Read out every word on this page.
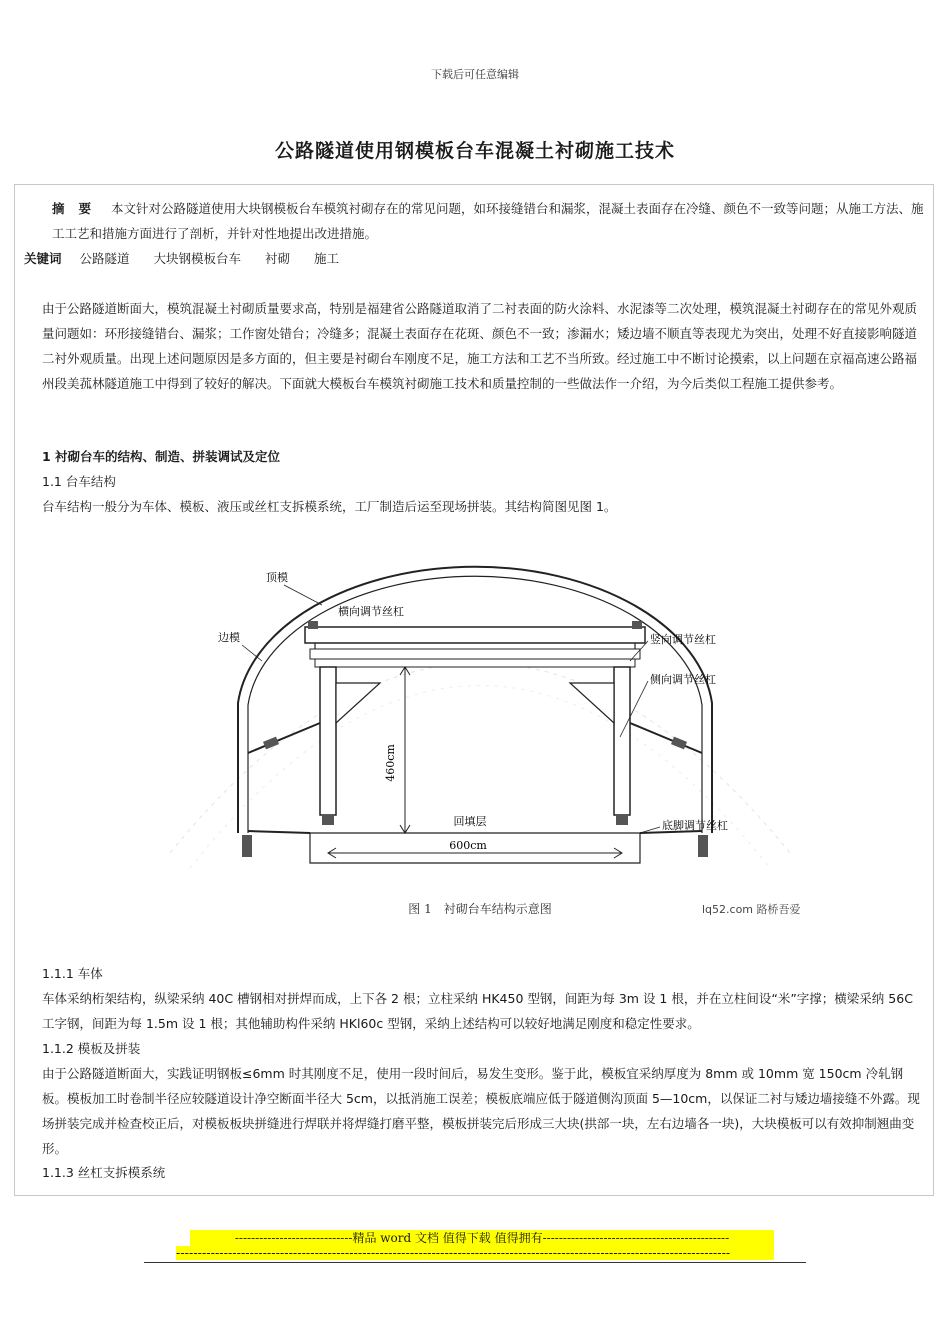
下载后可任意编辑
公路隧道使用钢模板台车混凝土衬砌施工技术
摘要 本文针对公路隧道使用大块钢模板台车模筑衬砌存在的常见问题，如环接缝错台和漏浆，混凝土表面存在冷缝、颜色不一致等问题；从施工方法、施工工艺和措施方面进行了剖析，并针对性地提出改进措施。
关键词 公路隧道 大块钢模板台车 衬砌 施工
由于公路隧道断面大，模筑混凝土衬砌质量要求高，特别是福建省公路隧道取消了二衬表面的防火涂料、水泥漆等二次处理，模筑混凝土衬砌存在的常见外观质量问题如：环形接缝错台、漏浆；工作窗处错台；冷缝多；混凝土表面存在花斑、颜色不一致；渗漏水；矮边墙不顺直等表现尤为突出，处理不好直接影响隧道二衬外观质量。出现上述问题原因是多方面的，但主要是衬砌台车刚度不足，施工方法和工艺不当所致。经过施工中不断讨论摸索，以上问题在京福高速公路福州段美菰林隧道施工中得到了较好的解决。下面就大模板台车模筑衬砌施工技术和质量控制的一些做法作一介绍，为今后类似工程施工提供参考。
1 衬砌台车的结构、制造、拼装调试及定位
1.1 台车结构
台车结构一般分为车体、模板、液压或丝杠支拆模系统，工厂制造后运至现场拼装。其结构简图见图 1。
460cm
600cm
回填层
顶模
横向调节丝杠
边模	竖向调节丝杠
侧向调节丝杠
底脚调节丝杠
图 1　衬砌台车结构示意图	lq52.com 路桥吾爱
1.1.1 车体
车体采纳桁架结构，纵梁采纳 40C 槽钢相对拼焊而成，上下各 2 根；立柱采纳 HK450 型钢，间距为每 3m 设 1 根，并在立柱间设“米”字撑；横梁采纳 56C 工字钢，间距为每 1.5m 设 1 根；其他辅助构件采纳 HKl60c 型钢，采纳上述结构可以较好地满足刚度和稳定性要求。
1.1.2 模板及拼装
由于公路隧道断面大，实践证明钢板≤6mm 时其刚度不足，使用一段时间后，易发生变形。鉴于此，模板宜采纳厚度为 8mm 或 10mm 宽 150cm 冷轧钢板。模板加工时卷制半径应较隧道设计净空断面半径大 5cm，以抵消施工误差；模板底端应低于隧道侧沟顶面 5—10cm，以保证二衬与矮边墙接缝不外露。现场拼装完成并检查校正后，对模板板块拼缝进行焊联并将焊缝打磨平整，模板拼装完后形成三大块(拱部一块，左右边墙各一块)，大块模板可以有效抑制翘曲变形。
1.1.3 丝杠支拆模系统
-----------------------------精品 word 文档 值得下载 值得拥有----------------------------------------------
--------------------------------------------------------------------------------------------------------------------------------
